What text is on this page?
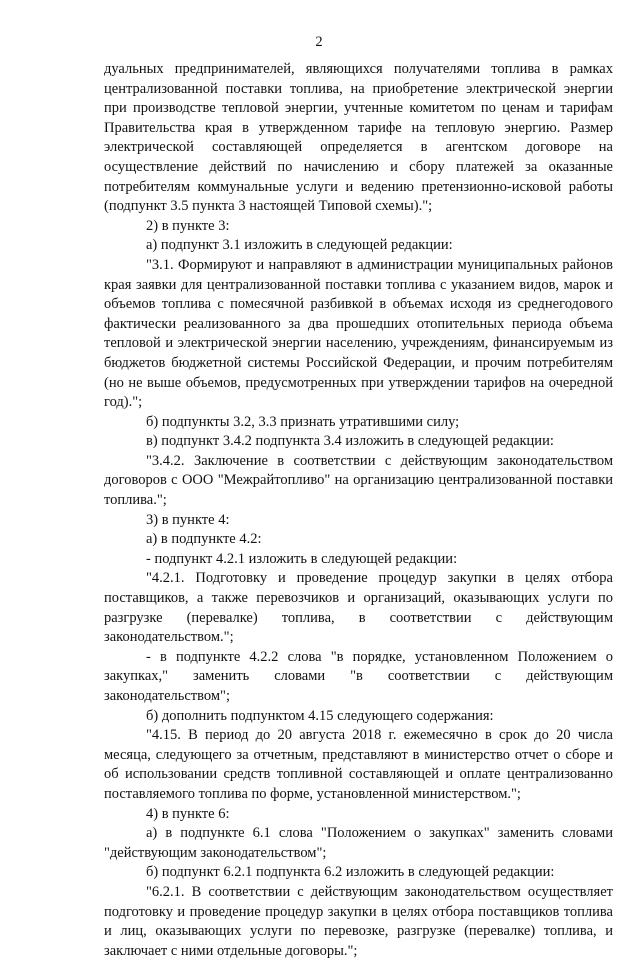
2

дуальных предпринимателей, являющихся получателями топлива в рамках централизованной поставки топлива, на приобретение электрической энергии при производстве тепловой энергии, учтенные комитетом по ценам и тарифам Правительства края в утвержденном тарифе на тепловую энергию. Размер электрической составляющей определяется в агентском договоре на осуществление действий по начислению и сбору платежей за оказанные потребителям коммунальные услуги и ведению претензионно-исковой работы (подпункт 3.5 пункта 3 настоящей Типовой схемы).";

2) в пункте 3:

а) подпункт 3.1 изложить в следующей редакции:

"3.1. Формируют и направляют в администрации муниципальных районов края заявки для централизованной поставки топлива с указанием видов, марок и объемов топлива с помесячной разбивкой в объемах исходя из среднегодового фактически реализованного за два прошедших отопительных периода объема тепловой и электрической энергии населению, учреждениям, финансируемым из бюджетов бюджетной системы Российской Федерации, и прочим потребителям (но не выше объемов, предусмотренных при утверждении тарифов на очередной год).";

б) подпункты 3.2, 3.3 признать утратившими силу;

в) подпункт 3.4.2 подпункта 3.4 изложить в следующей редакции:

"3.4.2. Заключение в соответствии с действующим законодательством договоров с ООО "Межрайтопливо" на организацию централизованной поставки топлива.";

3) в пункте 4:

а) в подпункте 4.2:

- подпункт 4.2.1 изложить в следующей редакции:

"4.2.1. Подготовку и проведение процедур закупки в целях отбора поставщиков, а также перевозчиков и организаций, оказывающих услуги по разгрузке (перевалке) топлива, в соответствии с действующим законодательством.";

- в подпункте 4.2.2 слова "в порядке, установленном Положением о закупках," заменить словами "в соответствии с действующим законодательством";

б) дополнить подпунктом 4.15 следующего содержания:

"4.15. В период до 20 августа 2018 г. ежемесячно в срок до 20 числа месяца, следующего за отчетным, представляют в министерство отчет о сборе и об использовании средств топливной составляющей и оплате централизованно поставляемого топлива по форме, установленной министерством.";

4) в пункте 6:

а) в подпункте 6.1 слова "Положением о закупках" заменить словами "действующим законодательством";

б) подпункт 6.2.1 подпункта 6.2 изложить в следующей редакции:

"6.2.1. В соответствии с действующим законодательством осуществляет подготовку и проведение процедур закупки в целях отбора поставщиков топлива и лиц, оказывающих услуги по перевозке, разгрузке (перевалке) топлива, и заключает с ними отдельные договоры.";
